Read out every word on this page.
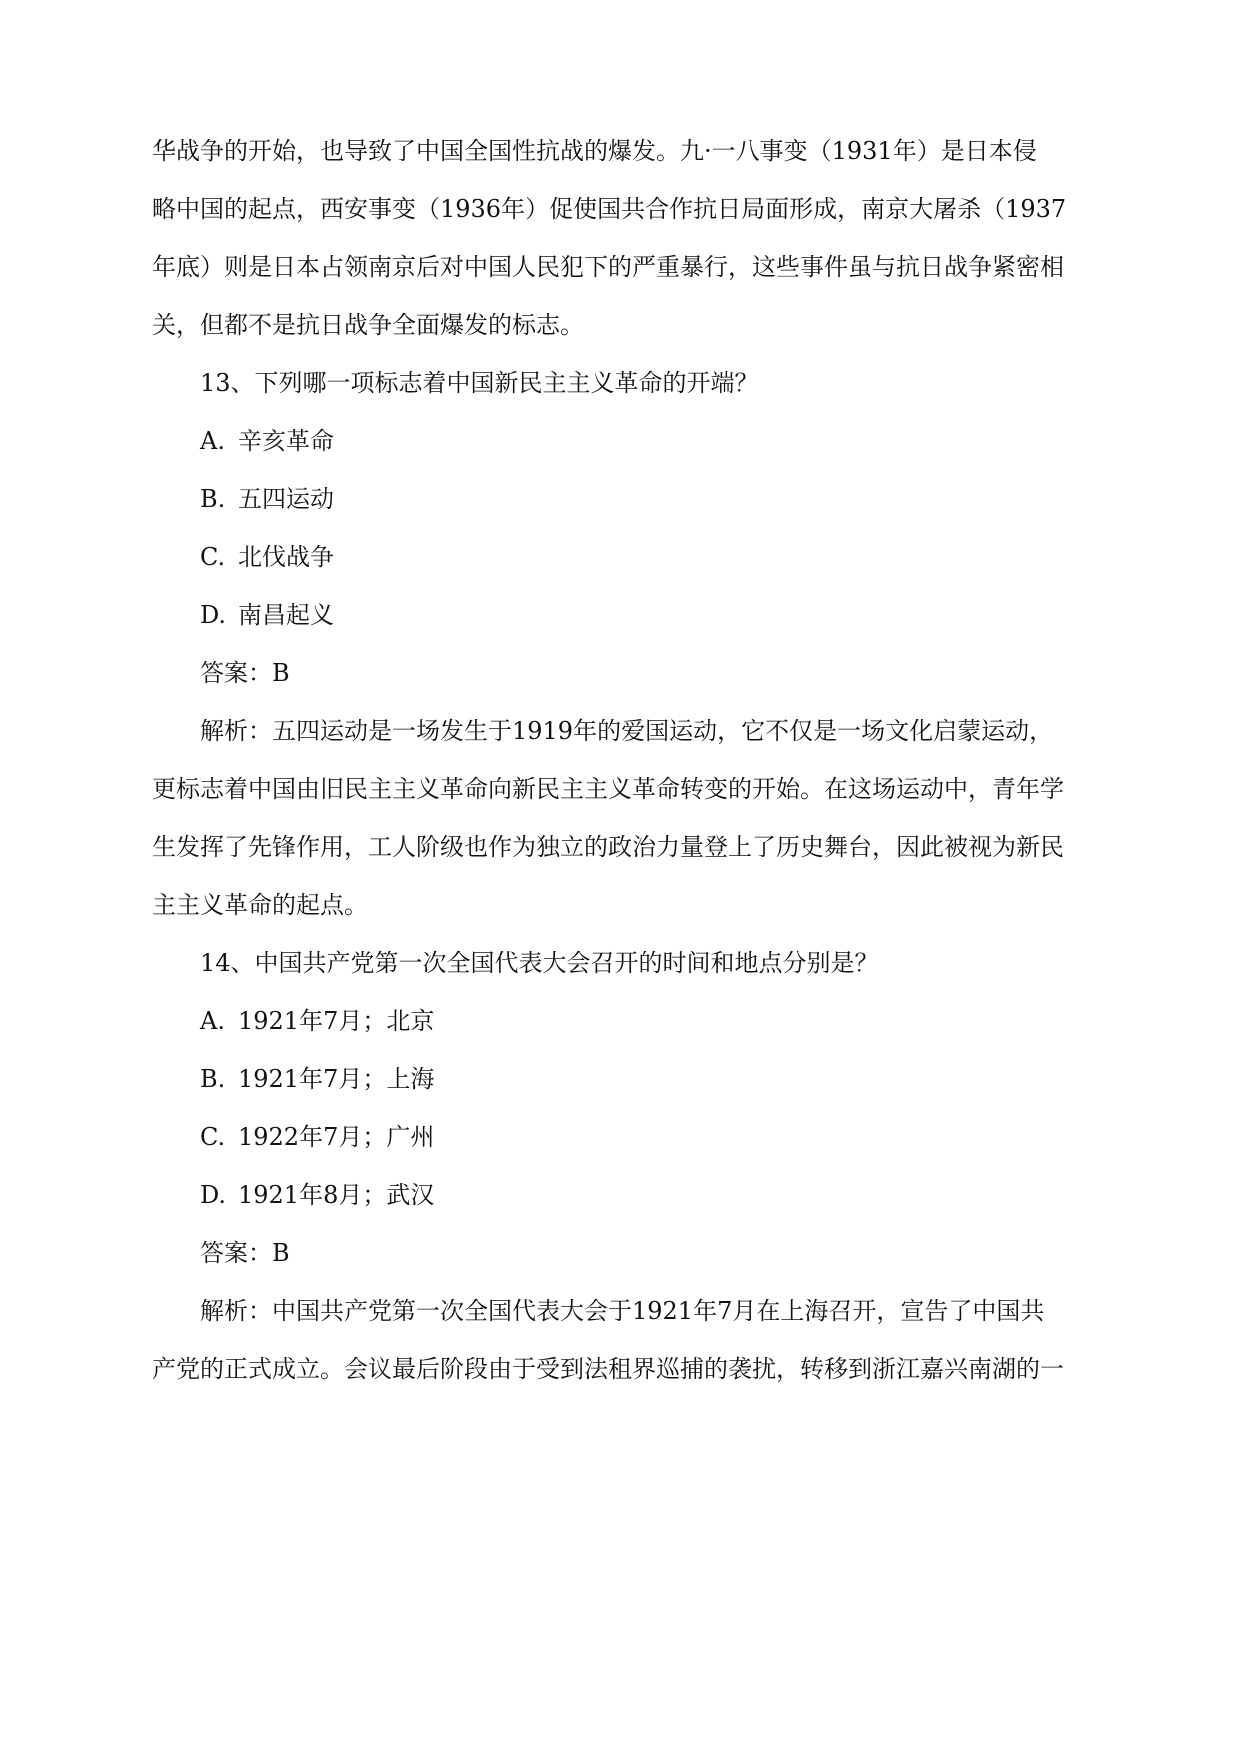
华战争的开始，也导致了中国全国性抗战的爆发。九·一八事变（1931年）是日本侵

略中国的起点，西安事变（1936年）促使国共合作抗日局面形成，南京大屠杀（1937

年底）则是日本占领南京后对中国人民犯下的严重暴行，这些事件虽与抗日战争紧密相

关，但都不是抗日战争全面爆发的标志。

13、下列哪一项标志着中国新民主主义革命的开端？

A. 辛亥革命

B. 五四运动

C. 北伐战争

D. 南昌起义

答案：B

解析：五四运动是一场发生于1919年的爱国运动，它不仅是一场文化启蒙运动，

更标志着中国由旧民主主义革命向新民主主义革命转变的开始。在这场运动中，青年学

生发挥了先锋作用，工人阶级也作为独立的政治力量登上了历史舞台，因此被视为新民

主主义革命的起点。

14、中国共产党第一次全国代表大会召开的时间和地点分别是？

A. 1921年7月；北京

B. 1921年7月；上海

C. 1922年7月；广州

D. 1921年8月；武汉

答案：B

解析：中国共产党第一次全国代表大会于1921年7月在上海召开，宣告了中国共

产党的正式成立。会议最后阶段由于受到法租界巡捕的袭扰，转移到浙江嘉兴南湖的一
